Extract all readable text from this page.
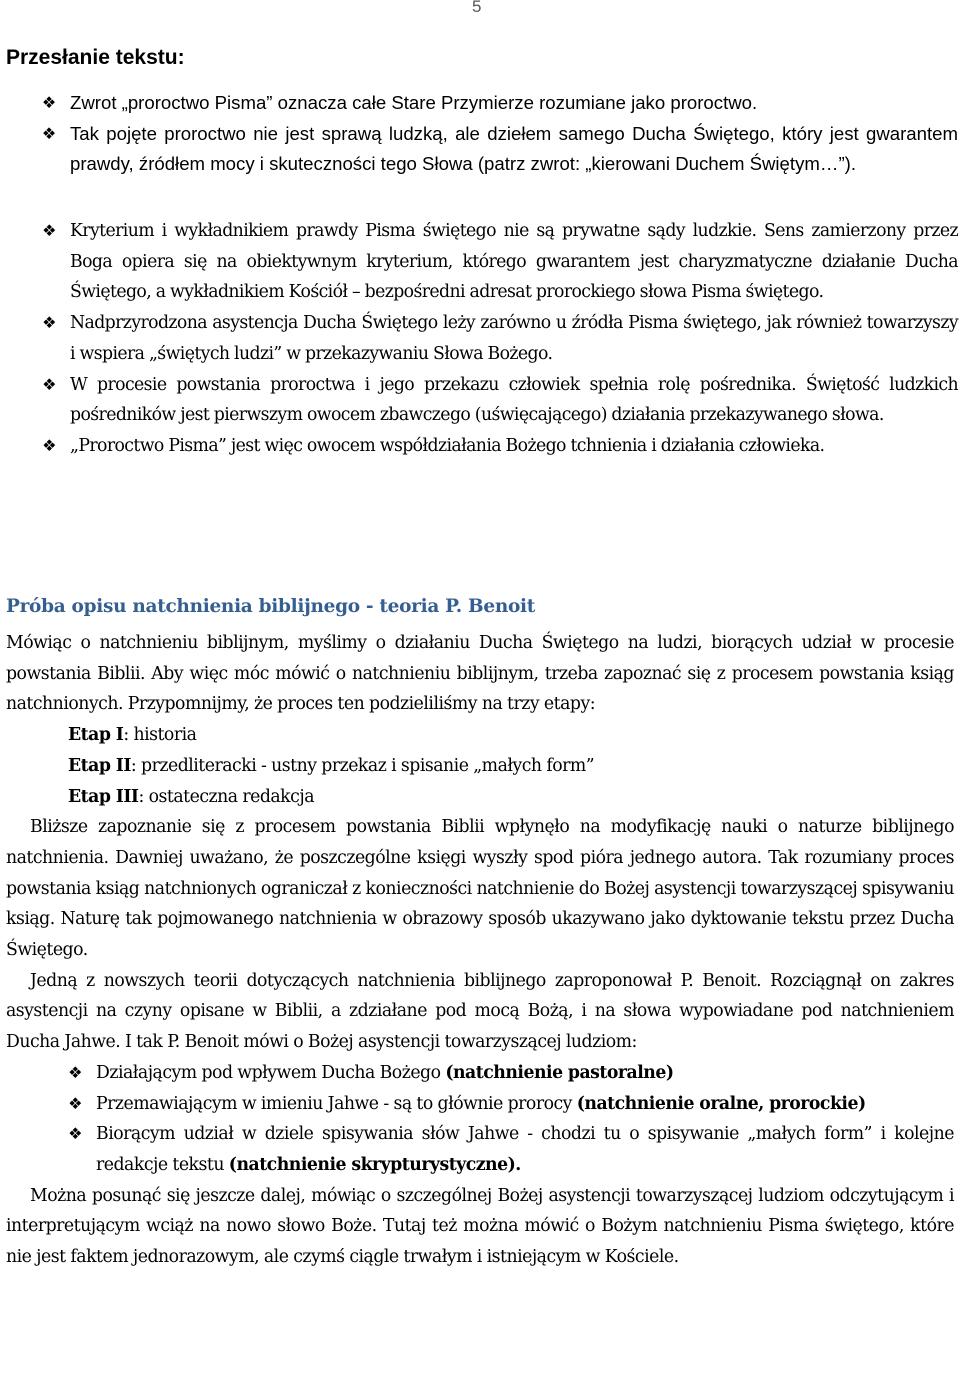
5
Przesłanie tekstu:
❖ Zwrot „proroctwo Pisma” oznacza całe Stare Przymierze rozumiane jako proroctwo.
❖ Tak pojęte proroctwo nie jest sprawą ludzką, ale dziełem samego Ducha Świętego, który jest gwarantem prawdy, źródłem mocy i skuteczności tego Słowa (patrz zwrot: „kierowani Duchem Świętym…”).
❖ Kryterium i wykładnikiem prawdy Pisma świętego nie są prywatne sądy ludzkie. Sens zamierzony przez Boga opiera się na obiektywnym kryterium, którego gwarantem jest charyzmatyczne działanie Ducha Świętego, a wykładnikiem Kościół – bezpośredni adresat prorockiego słowa Pisma świętego.
❖ Nadprzyrodzona asystencja Ducha Świętego leży zarówno u źródła Pisma świętego, jak również towarzyszy i wspiera „świętych ludzi” w przekazywaniu Słowa Bożego.
❖ W procesie powstania proroctwa i jego przekazu człowiek spełnia rolę pośrednika. Świętość ludzkich pośredników jest pierwszym owocem zbawczego (uświęcającego) działania przekazywanego słowa.
❖ „Proroctwo Pisma” jest więc owocem współdziałania Bożego tchnienia i działania człowieka.
Próba opisu natchnienia biblijnego - teoria P. Benoit

Mówiąc o natchnieniu biblijnym, myślimy o działaniu Ducha Świętego na ludzi, biorących udział w procesie powstania Biblii. Aby więc móc mówić o natchnieniu biblijnym, trzeba zapoznać się z procesem powstania ksiąg natchnionych. Przypomnijmy, że proces ten podzieliliśmy na trzy etapy:

Etap I: historia

Etap II: przedliteracki - ustny przekaz i spisanie „małych form”

Etap III: ostateczna redakcja

Bliższe zapoznanie się z procesem powstania Biblii wpłynęło na modyfikację nauki o naturze biblijnego natchnienia. Dawniej uważano, że poszczególne księgi wyszły spod pióra jednego autora. Tak rozumiany proces powstania ksiąg natchnionych ograniczał z konieczności natchnienie do Bożej asystencji towarzyszącej spisywaniu ksiąg. Naturę tak pojmowanego natchnienia w obrazowy sposób ukazywano jako dyktowanie tekstu przez Ducha Świętego.

Jedną z nowszych teorii dotyczących natchnienia biblijnego zaproponował P. Benoit. Rozciągnął on zakres asystencji na czyny opisane w Biblii, a zdziałane pod mocą Bożą, i na słowa wypowiadane pod natchnieniem Ducha Jahwe. I tak P. Benoit mówi o Bożej asystencji towarzyszącej ludziom:

❖ Działającym pod wpływem Ducha Bożego (natchnienie pastoralne)
❖ Przemawiającym w imieniu Jahwe - są to głównie prorocy (natchnienie oralne, prorockie)
❖ Biorącym udział w dziele spisywania słów Jahwe - chodzi tu o spisywanie „małych form” i kolejne redakcje tekstu (natchnienie skrypturystyczne).

Można posunąć się jeszcze dalej, mówiąc o szczególnej Bożej asystencji towarzyszącej ludziom odczytującym i interpretującym wciąż na nowo słowo Boże. Tutaj też można mówić o Bożym natchnieniu Pisma świętego, które nie jest faktem jednorazowym, ale czymś ciągle trwałym i istniejącym w Kościele.
